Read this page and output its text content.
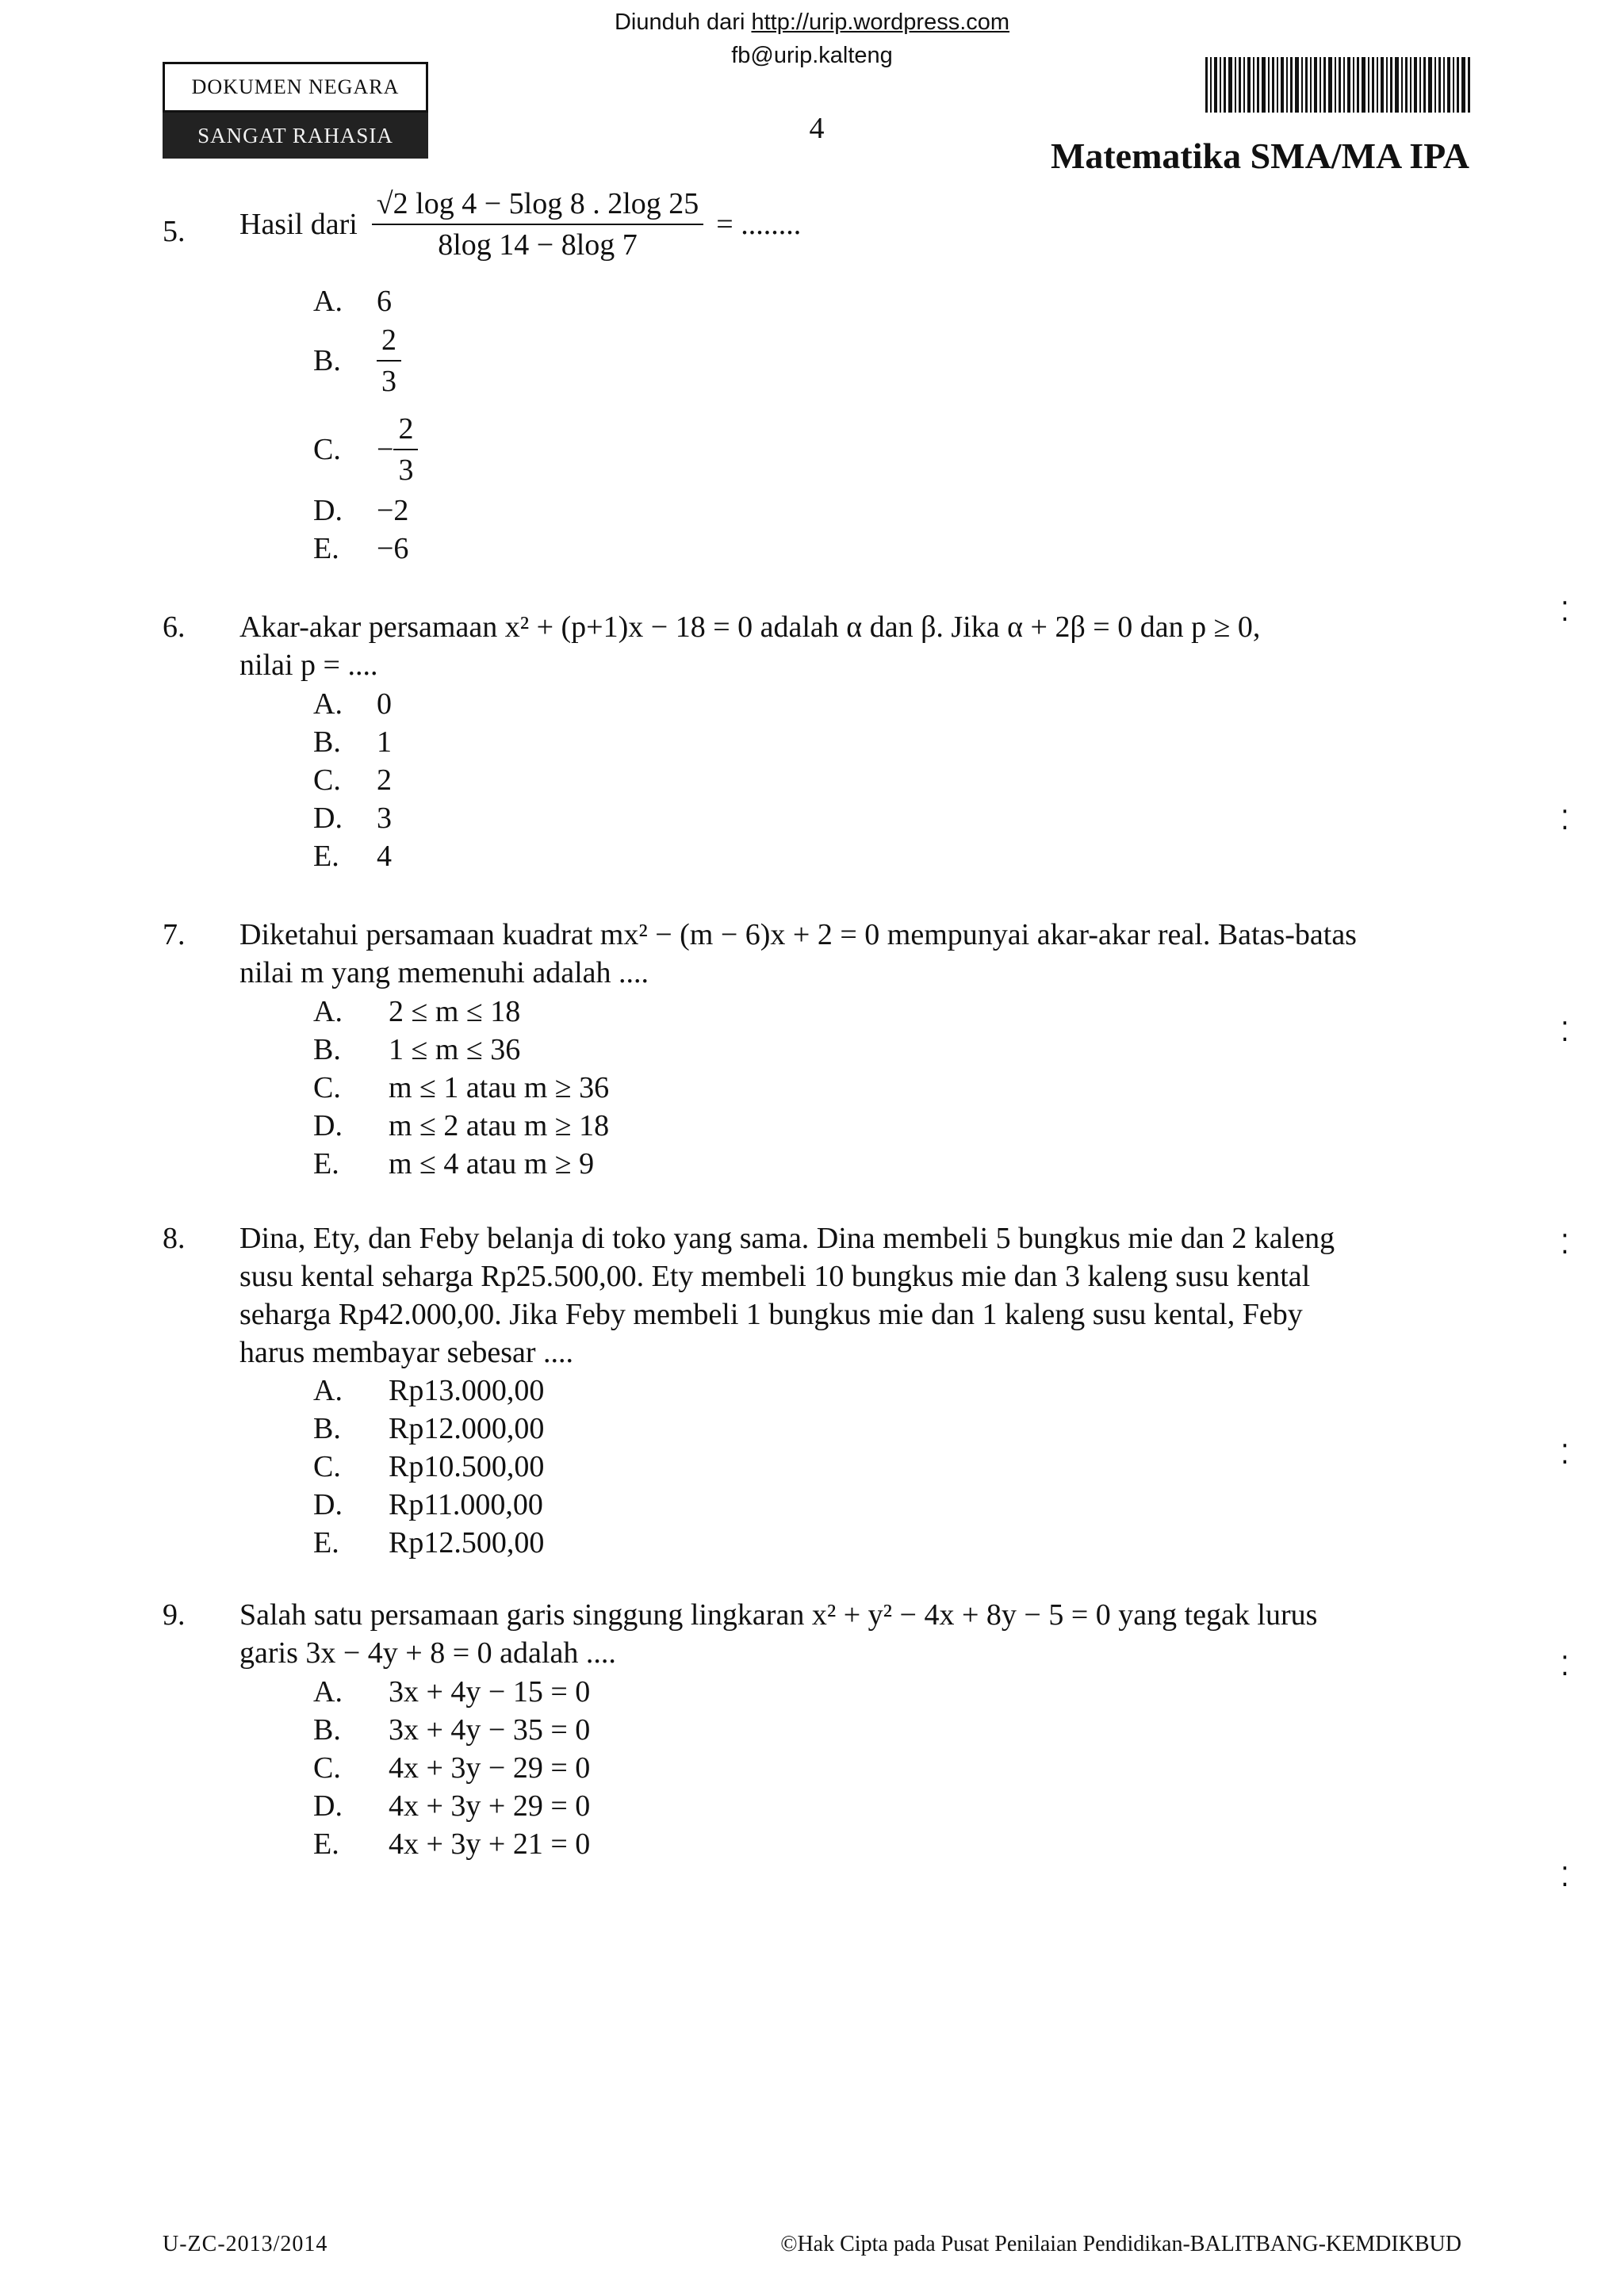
Diunduh dari http://urip.wordpress.com
fb@urip.kalteng
DOKUMEN NEGARA
SANGAT RAHASIA	4
Matematika SMA/MA IPA
5. Hasil dari $\frac{√2 \log 4 - 5\log 8 . 2\log 25}{8\log 14 - 8\log 7}$ = ........
A.	6
B.	$\frac{2}{3}$
C.	− $\frac{2}{3}$
D.	−2
E.	−6
6. Akar-akar persamaan x² + (p+1)x − 18 = 0 adalah α dan β. Jika α + 2β = 0 dan p ≥ 0,
nilai p = ....
A.	0
B.	1
C.	2
D.	3
E.	4
7. Diketahui persamaan kuadrat mx² − (m − 6)x + 2 = 0 mempunyai akar-akar real. Batas-batas
nilai m yang memenuhi adalah ....
A.	2 ≤ m ≤ 18
B.	1 ≤ m ≤ 36
C.	m ≤ 1 atau m ≥ 36
D.	m ≤ 2 atau m ≥ 18
E.	m ≤ 4 atau m ≥ 9
8. Dina, Ety, dan Feby belanja di toko yang sama. Dina membeli 5 bungkus mie dan 2 kaleng
susu kental seharga Rp25.500,00. Ety membeli 10 bungkus mie dan 3 kaleng susu kental
seharga Rp42.000,00. Jika Feby membeli 1 bungkus mie dan 1 kaleng susu kental, Feby
harus membayar sebesar ....
A.	Rp13.000,00
B.	Rp12.000,00
C.	Rp10.500,00
D.	Rp11.000,00
E.	Rp12.500,00
9. Salah satu persamaan garis singgung lingkaran x² + y² − 4x + 8y − 5 = 0 yang tegak lurus
garis 3x − 4y + 8 = 0 adalah ....
A.	3x + 4y − 15 = 0
B.	3x + 4y − 35 = 0
C.	4x + 3y − 29 = 0
D.	4x + 3y + 29 = 0
E.	4x + 3y + 21 = 0
⁚
⁚
⁚
⁚
⁚
⁚
⁚
U-ZC-2013/2014	©Hak Cipta pada Pusat Penilaian Pendidikan-BALITBANG-KEMDIKBUD
